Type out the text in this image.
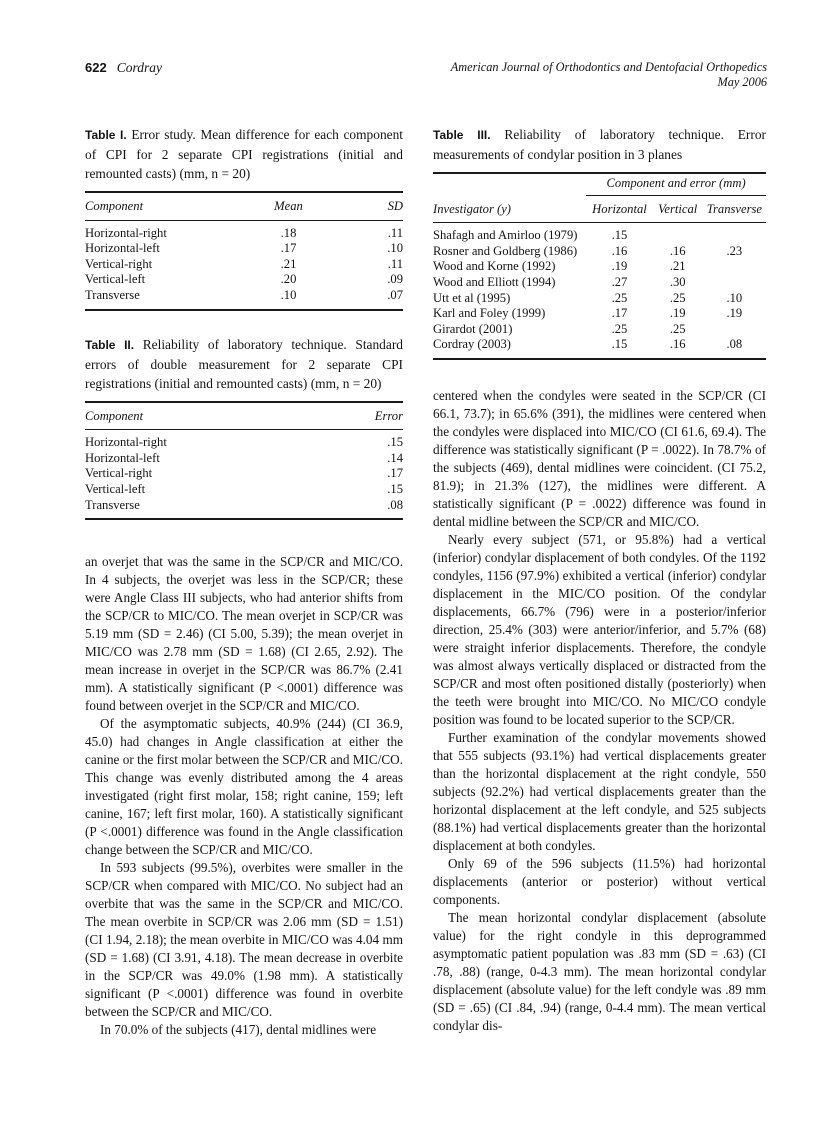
622 Cordray	American Journal of Orthodontics and Dentofacial Orthopedics
May 2006

Table I. Error study. Mean difference for each component of CPI for 2 separate CPI registrations (initial and remounted casts) (mm, n = 20)

Component	Mean	SD
Horizontal-right	.18	.11
Horizontal-left	.17	.10
Vertical-right	.21	.11
Vertical-left	.20	.09
Transverse	.10	.07

Table II. Reliability of laboratory technique. Standard errors of double measurement for 2 separate CPI registrations (initial and remounted casts) (mm, n = 20)

Component	Error
Horizontal-right	.15
Horizontal-left	.14
Vertical-right	.17
Vertical-left	.15
Transverse	.08

an overjet that was the same in the SCP/CR and MIC/CO. In 4 subjects, the overjet was less in the SCP/CR; these were Angle Class III subjects, who had anterior shifts from the SCP/CR to MIC/CO. The mean overjet in SCP/CR was 5.19 mm (SD = 2.46) (CI 5.00, 5.39); the mean overjet in MIC/CO was 2.78 mm (SD = 1.68) (CI 2.65, 2.92). The mean increase in overjet in the SCP/CR was 86.7% (2.41 mm). A statistically significant (P <.0001) difference was found between overjet in the SCP/CR and MIC/CO.

Of the asymptomatic subjects, 40.9% (244) (CI 36.9, 45.0) had changes in Angle classification at either the canine or the first molar between the SCP/CR and MIC/CO. This change was evenly distributed among the 4 areas investigated (right first molar, 158; right canine, 159; left canine, 167; left first molar, 160). A statistically significant (P <.0001) difference was found in the Angle classification change between the SCP/CR and MIC/CO.

In 593 subjects (99.5%), overbites were smaller in the SCP/CR when compared with MIC/CO. No subject had an overbite that was the same in the SCP/CR and MIC/CO. The mean overbite in SCP/CR was 2.06 mm (SD = 1.51) (CI 1.94, 2.18); the mean overbite in MIC/CO was 4.04 mm (SD = 1.68) (CI 3.91, 4.18). The mean decrease in overbite in the SCP/CR was 49.0% (1.98 mm). A statistically significant (P <.0001) difference was found in overbite between the SCP/CR and MIC/CO.

In 70.0% of the subjects (417), dental midlines were

Table III. Reliability of laboratory technique. Error measurements of condylar position in 3 planes

	Component and error (mm)		
Investigator (y)	Horizontal	Vertical	Transverse
Shafagh and Amirloo (1979)	.15		
Rosner and Goldberg (1986)	.16	.16	.23
Wood and Korne (1992)	.19	.21	
Wood and Elliott (1994)	.27	.30	
Utt et al (1995)	.25	.25	.10
Karl and Foley (1999)	.17	.19	.19
Girardot (2001)	.25	.25	
Cordray (2003)	.15	.16	.08

centered when the condyles were seated in the SCP/CR (CI 66.1, 73.7); in 65.6% (391), the midlines were centered when the condyles were displaced into MIC/CO (CI 61.6, 69.4). The difference was statistically significant (P = .0022). In 78.7% of the subjects (469), dental midlines were coincident. (CI 75.2, 81.9); in 21.3% (127), the midlines were different. A statistically significant (P = .0022) difference was found in dental midline between the SCP/CR and MIC/CO.

Nearly every subject (571, or 95.8%) had a vertical (inferior) condylar displacement of both condyles. Of the 1192 condyles, 1156 (97.9%) exhibited a vertical (inferior) condylar displacement in the MIC/CO position. Of the condylar displacements, 66.7% (796) were in a posterior/inferior direction, 25.4% (303) were anterior/inferior, and 5.7% (68) were straight inferior displacements. Therefore, the condyle was almost always vertically displaced or distracted from the SCP/CR and most often positioned distally (posteriorly) when the teeth were brought into MIC/CO. No MIC/CO condyle position was found to be located superior to the SCP/CR.

Further examination of the condylar movements showed that 555 subjects (93.1%) had vertical displacements greater than the horizontal displacement at the right condyle, 550 subjects (92.2%) had vertical displacements greater than the horizontal displacement at the left condyle, and 525 subjects (88.1%) had vertical displacements greater than the horizontal displacement at both condyles.

Only 69 of the 596 subjects (11.5%) had horizontal displacements (anterior or posterior) without vertical components.

The mean horizontal condylar displacement (absolute value) for the right condyle in this deprogrammed asymptomatic patient population was .83 mm (SD = .63) (CI .78, .88) (range, 0-4.3 mm). The mean horizontal condylar displacement (absolute value) for the left condyle was .89 mm (SD = .65) (CI .84, .94) (range, 0-4.4 mm). The mean vertical condylar dis-
